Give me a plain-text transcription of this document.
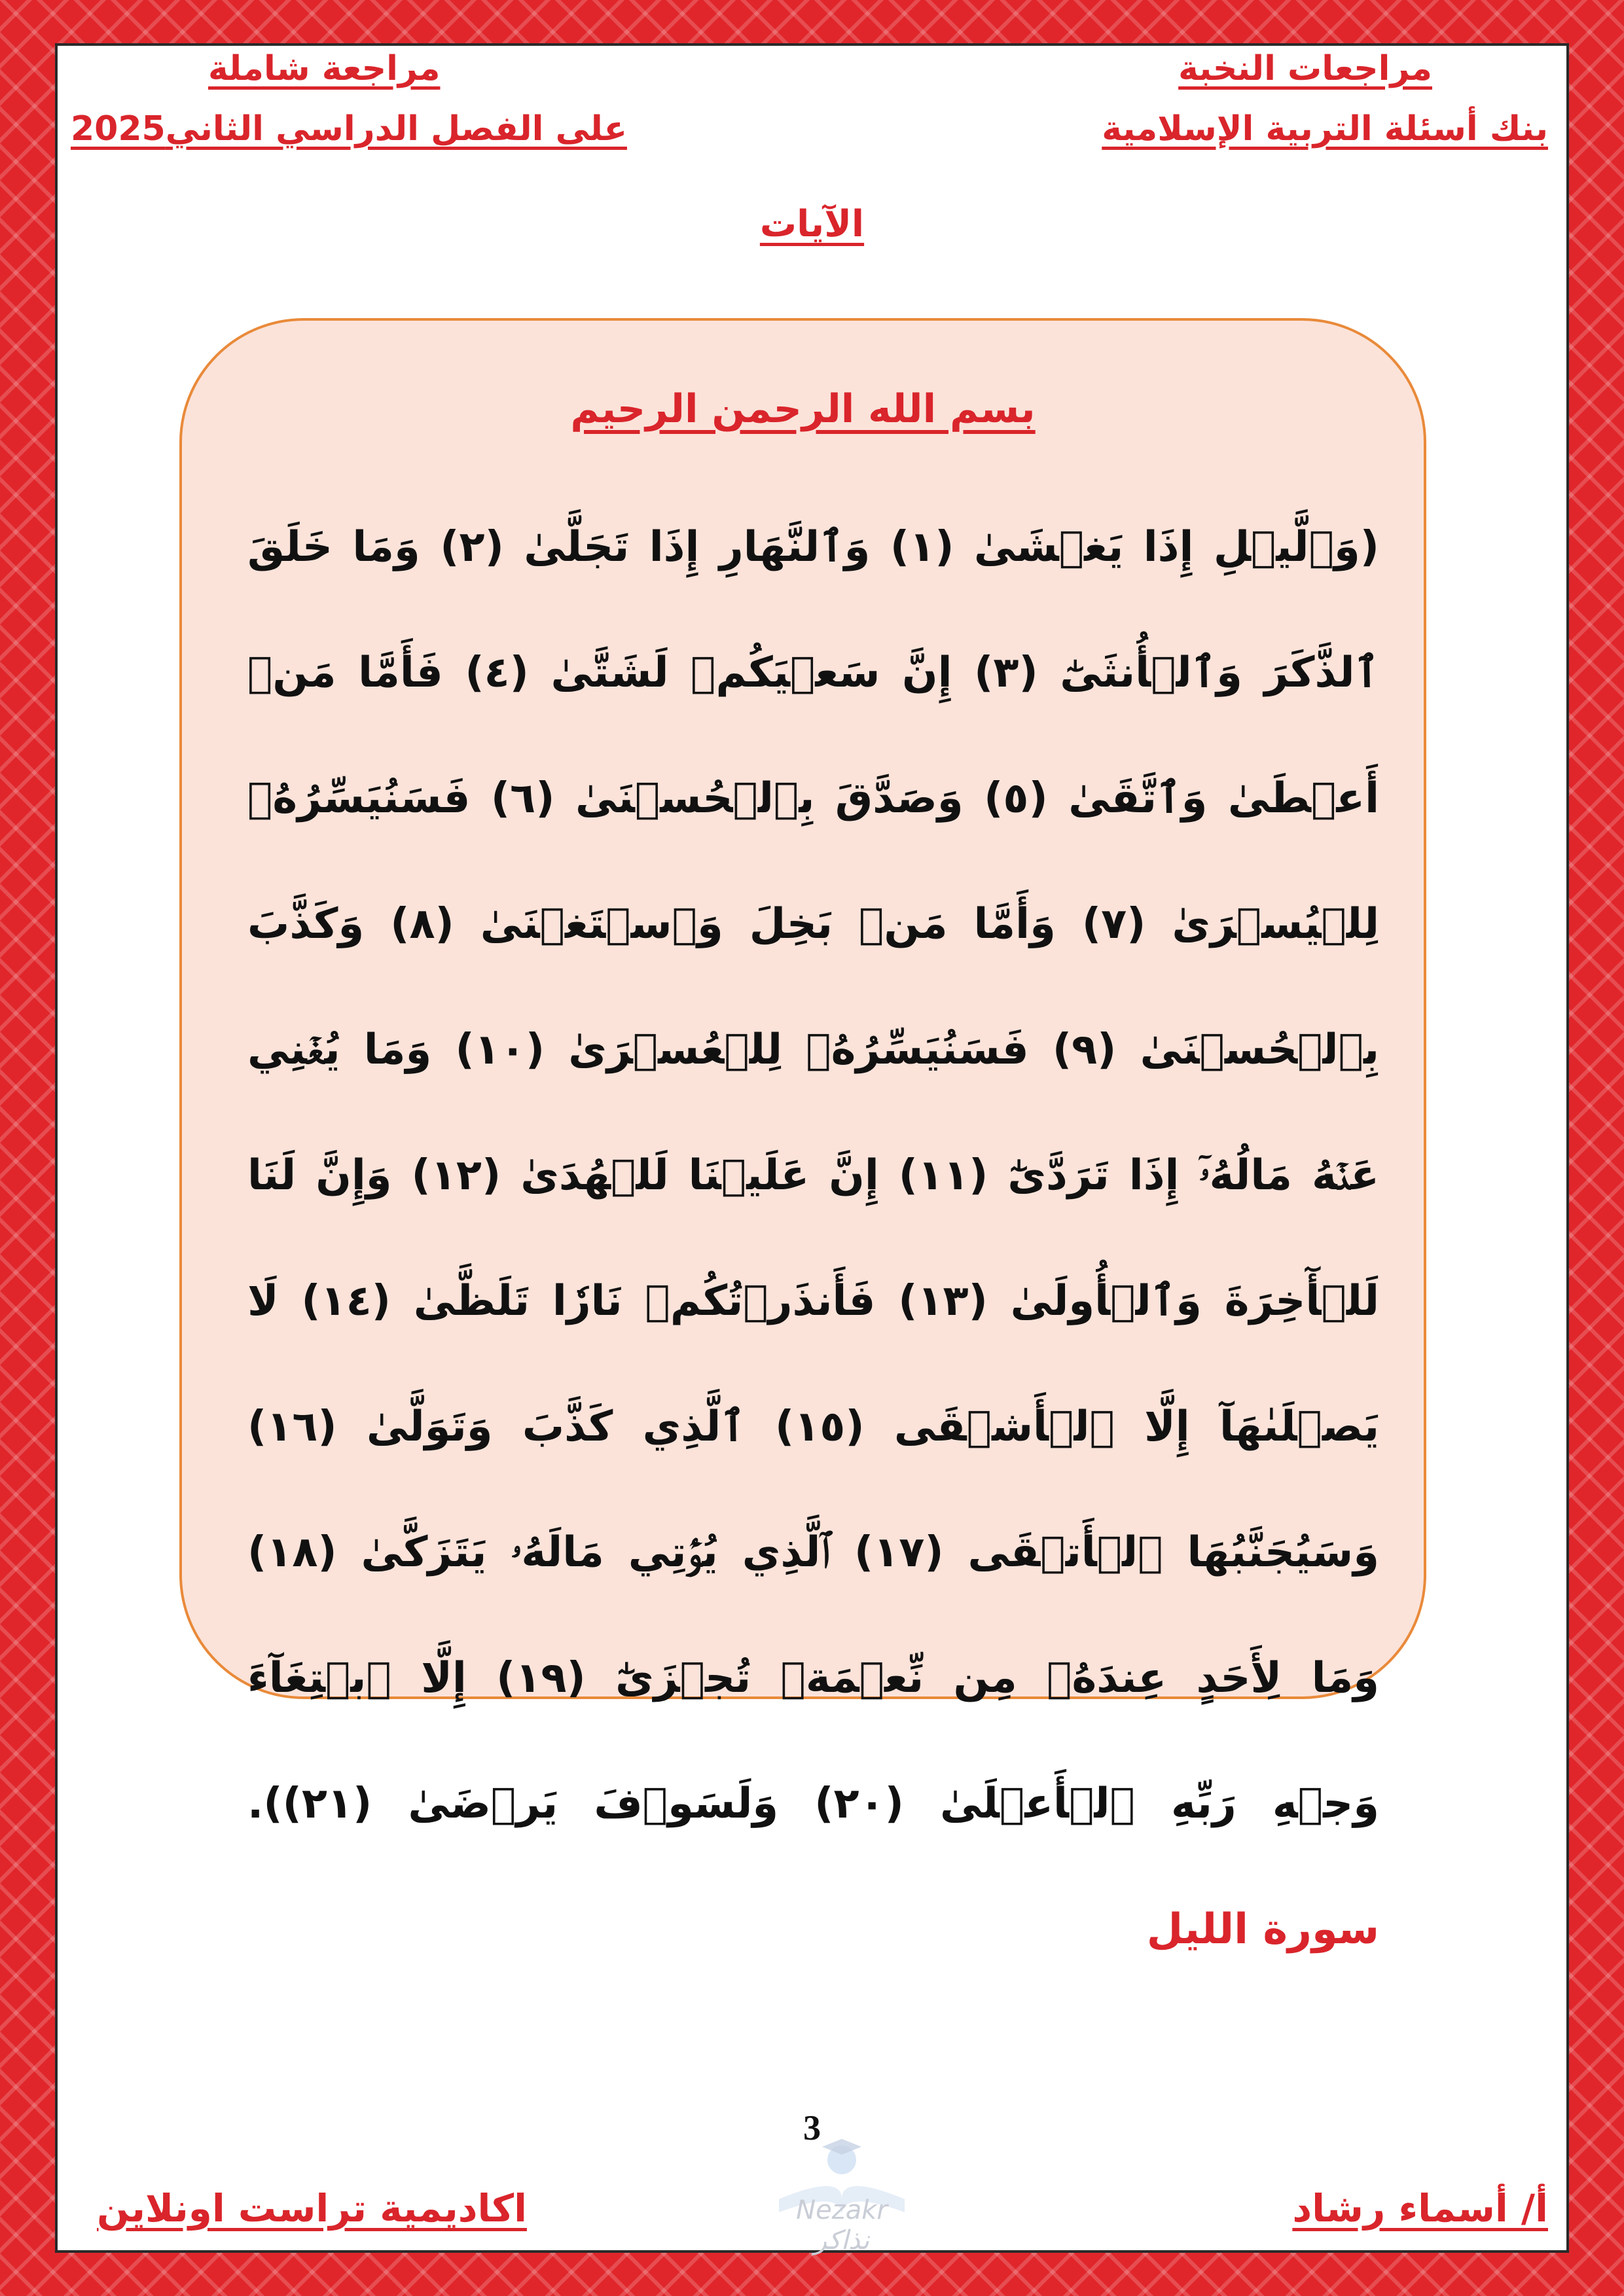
مراجعات النخبة
بنك أسئلة التربية الإسلامية
مراجعة شاملة
على الفصل الدراسي الثاني2025
الآيات
بسم الله الرحمن الرحيم
(وَٱلَّيۡلِ إِذَا يَغۡشَىٰ (١) وَٱلنَّهَارِ إِذَا تَجَلَّىٰ (٢) وَمَا خَلَقَ ٱلذَّكَرَ وَٱلۡأُنثَىٰٓ (٣) إِنَّ سَعۡيَكُمۡ لَشَتَّىٰ (٤) فَأَمَّا مَنۡ أَعۡطَىٰ وَٱتَّقَىٰ (٥) وَصَدَّقَ بِٱلۡحُسۡنَىٰ (٦) فَسَنُيَسِّرُهُۥ لِلۡيُسۡرَىٰ (٧) وَأَمَّا مَنۢ بَخِلَ وَٱسۡتَغۡنَىٰ (٨) وَكَذَّبَ بِٱلۡحُسۡنَىٰ (٩) فَسَنُيَسِّرُهُۥ لِلۡعُسۡرَىٰ (١٠) وَمَا يُغۡنِي عَنۡهُ مَالُهُۥٓ إِذَا تَرَدَّىٰٓ (١١) إِنَّ عَلَيۡنَا لَلۡهُدَىٰ (١٢) وَإِنَّ لَنَا لَلۡأٓخِرَةَ وَٱلۡأُولَىٰ (١٣) فَأَنذَرۡتُكُمۡ نَارٗا تَلَظَّىٰ (١٤) لَا يَصۡلَىٰهَآ إِلَّا ٱلۡأَشۡقَى (١٥) ٱلَّذِي كَذَّبَ وَتَوَلَّىٰ (١٦) وَسَيُجَنَّبُهَا ٱلۡأَتۡقَى (١٧) ٱلَّذِي يُؤۡتِي مَالَهُۥ يَتَزَكَّىٰ (١٨) وَمَا لِأَحَدٍ عِندَهُۥ مِن نِّعۡمَةٖ تُجۡزَىٰٓ (١٩) إِلَّا ٱبۡتِغَآءَ وَجۡهِ رَبِّهِ ٱلۡأَعۡلَىٰ (٢٠) وَلَسَوۡفَ يَرۡضَىٰ (٢١)). سورة الليل
Nezakr نذاكر
3
أ/ أسماء رشاد
اكاديمية تراست اونلاين
